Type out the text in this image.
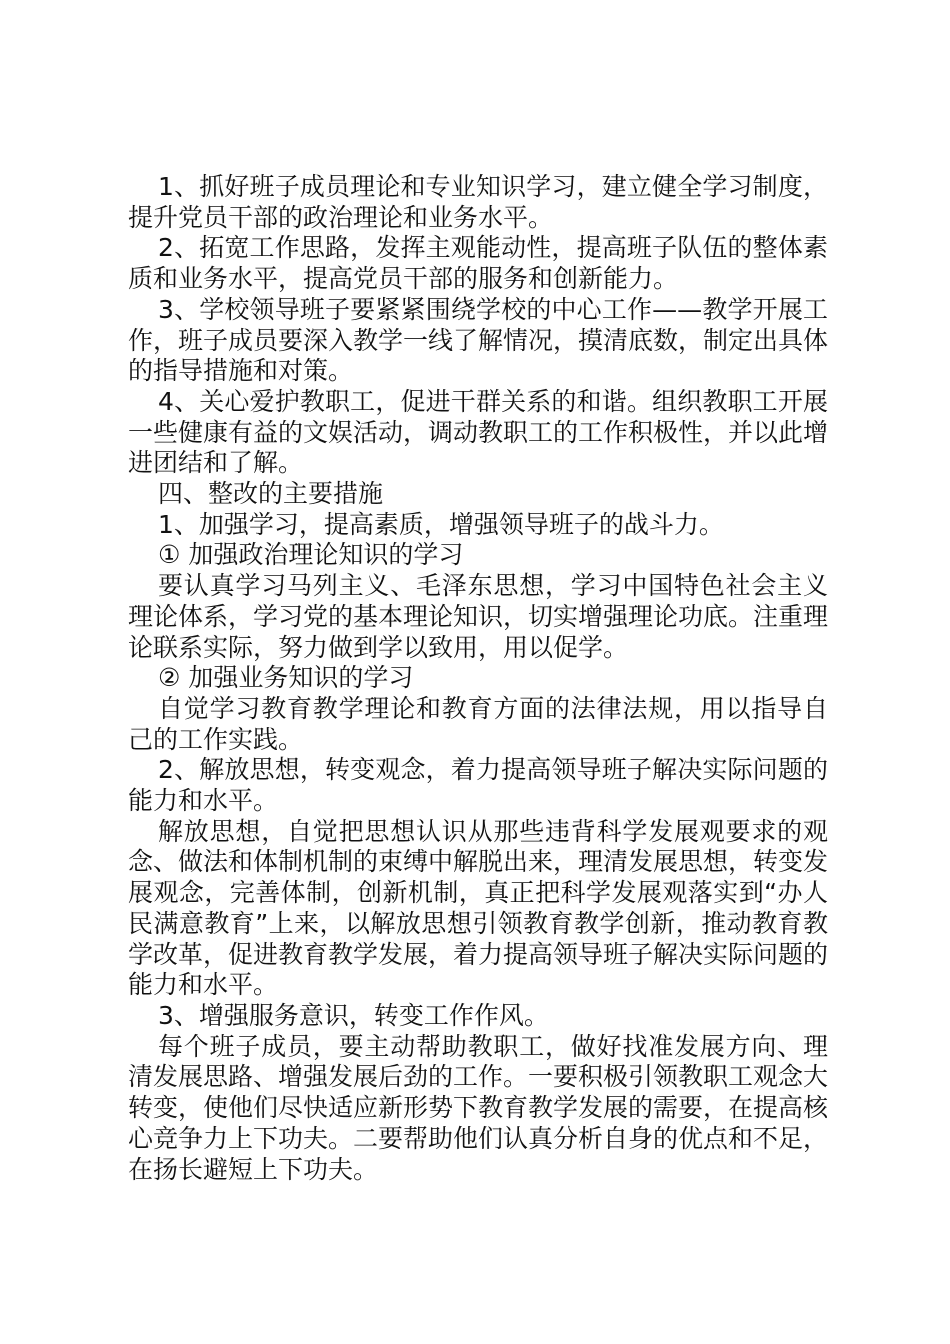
1、抓好班子成员理论和专业知识学习，建立健全学习制度，提升党员干部的政治理论和业务水平。

2、拓宽工作思路，发挥主观能动性，提高班子队伍的整体素质和业务水平，提高党员干部的服务和创新能力。

3、学校领导班子要紧紧围绕学校的中心工作——教学开展工作，班子成员要深入教学一线了解情况，摸清底数，制定出具体的指导措施和对策。

4、关心爱护教职工，促进干群关系的和谐。组织教职工开展一些健康有益的文娱活动，调动教职工的工作积极性，并以此增进团结和了解。

四、整改的主要措施

1、加强学习，提高素质，增强领导班子的战斗力。

① 加强政治理论知识的学习

要认真学习马列主义、毛泽东思想，学习中国特色社会主义理论体系，学习党的基本理论知识，切实增强理论功底。注重理论联系实际，努力做到学以致用，用以促学。

② 加强业务知识的学习

自觉学习教育教学理论和教育方面的法律法规，用以指导自己的工作实践。

2、解放思想，转变观念，着力提高领导班子解决实际问题的能力和水平。

解放思想，自觉把思想认识从那些违背科学发展观要求的观念、做法和体制机制的束缚中解脱出来，理清发展思想，转变发展观念，完善体制，创新机制，真正把科学发展观落实到“办人民满意教育”上来，以解放思想引领教育教学创新，推动教育教学改革，促进教育教学发展，着力提高领导班子解决实际问题的能力和水平。

3、增强服务意识，转变工作作风。

每个班子成员，要主动帮助教职工，做好找准发展方向、理清发展思路、增强发展后劲的工作。一要积极引领教职工观念大转变，使他们尽快适应新形势下教育教学发展的需要，在提高核心竞争力上下功夫。二要帮助他们认真分析自身的优点和不足，在扬长避短上下功夫。
